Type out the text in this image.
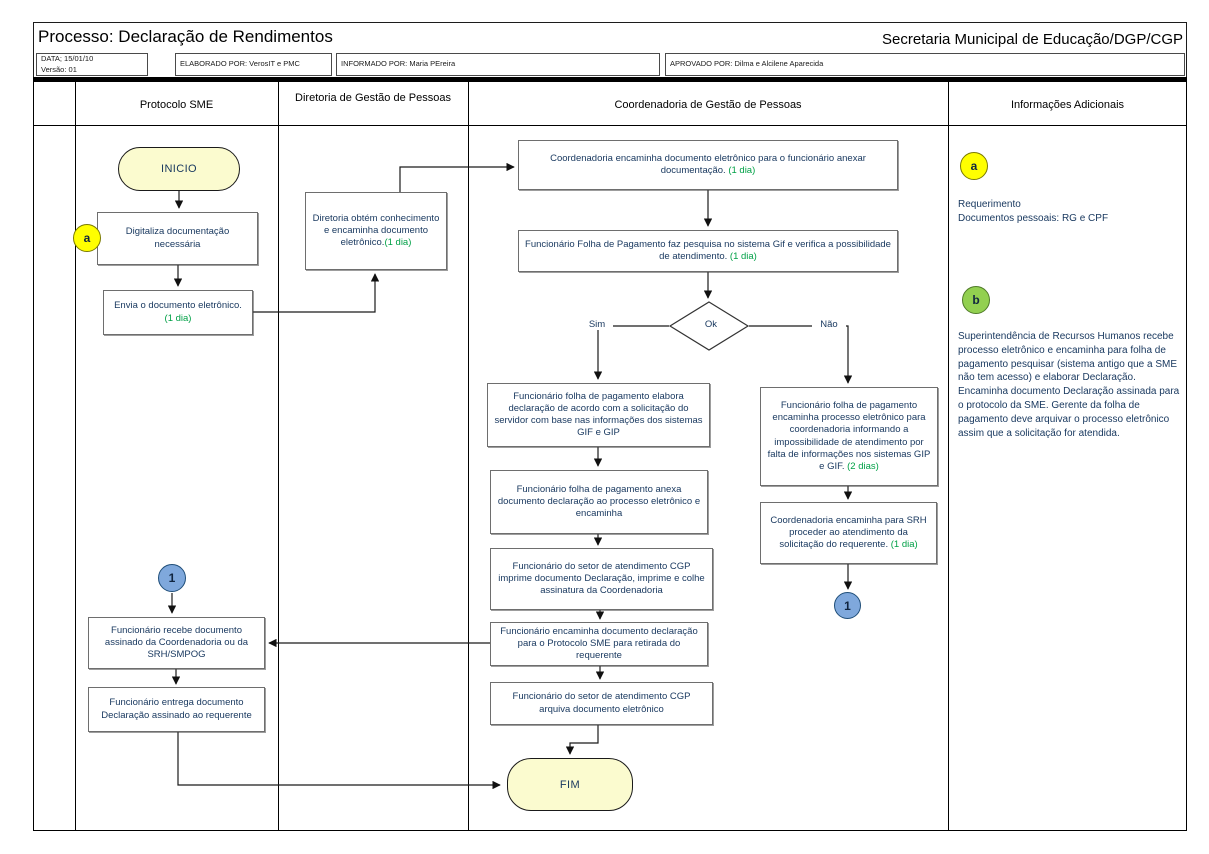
Processo: Declaração de Rendimentos	Secretaria Municipal de Educação/DGP/CGP
DATA; 15/01/10
Versão: 01
ELABORADO POR: VerosIT e PMC	INFORMADO POR: Maria PEreira	APROVADO POR: Dilma e Alcilene Aparecida
Protocolo SME
Diretoria de Gestão de Pessoas
Coordenadoria de Gestão de Pessoas	Informações Adicionais
INICIO
Digitaliza documentação necessária
a
Envia o documento eletrônico. (1 dia)
1
Funcionário recebe documento assinado da Coordenadoria ou da SRH/SMPOG
Funcionário entrega documento Declaração assinado ao requerente
Diretoria obtém conhecimento e encaminha documento eletrônico.(1 dia)
Coordenadoria encaminha documento eletrônico para o funcionário anexar documentação. (1 dia)
Funcionário Folha de Pagamento faz pesquisa no sistema Gif e verifica a possibilidade de atendimento. (1 dia)
Ok
Sim	Não
Funcionário folha de pagamento elabora declaração de acordo com a solicitação do servidor com base nas informações dos sistemas GIF e GIP
Funcionário folha de pagamento anexa documento declaração ao processo eletrônico e encaminha
Funcionário do setor de atendimento CGP imprime documento Declaração, imprime e colhe assinatura da Coordenadoria
Funcionário encaminha documento declaração para o Protocolo SME para retirada do requerente
Funcionário do setor de atendimento CGP arquiva documento eletrônico
FIM
Funcionário folha de pagamento encaminha processo eletrônico para coordenadoria informando a impossibilidade de atendimento por falta de informações nos sistemas GIP e GIF. (2 dias)
Coordenadoria encaminha para SRH proceder ao atendimento da solicitação do requerente. (1 dia)
1
a
Requerimento
Documentos pessoais: RG e CPF
b
Superintendência de Recursos Humanos recebe processo eletrônico e encaminha para folha de pagamento pesquisar (sistema antigo que a SME não tem acesso) e elaborar Declaração. Encaminha documento Declaração assinada para o protocolo da SME. Gerente da folha de pagamento deve arquivar o processo eletrônico assim que a solicitação for atendida.
